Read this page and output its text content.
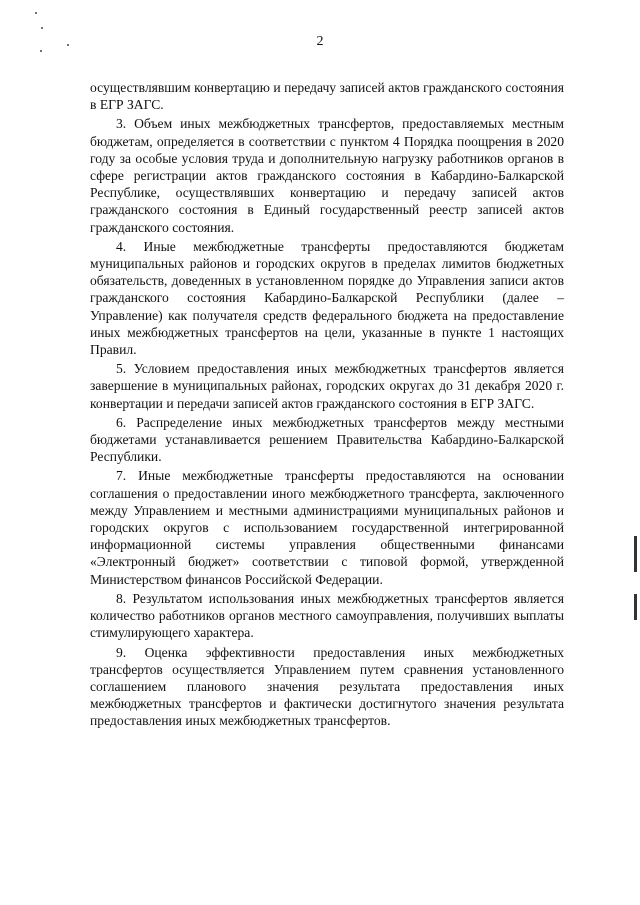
2

осуществлявшим конвертацию и передачу записей актов гражданского состояния в ЕГР ЗАГС.

3. Объем иных межбюджетных трансфертов, предоставляемых местным бюджетам, определяется в соответствии с пунктом 4 Порядка поощрения в 2020 году за особые условия труда и дополнительную нагрузку работников органов в сфере регистрации актов гражданского состояния в Кабардино-Балкарской Республике, осуществлявших конвертацию и передачу записей актов гражданского состояния в Единый государственный реестр записей актов гражданского состояния.

4. Иные межбюджетные трансферты предоставляются бюджетам муниципальных районов и городских округов в пределах лимитов бюджетных обязательств, доведенных в установленном порядке до Управления записи актов гражданского состояния Кабардино-Балкарской Республики (далее – Управление) как получателя средств федерального бюджета на предоставление иных межбюджетных трансфертов на цели, указанные в пункте 1 настоящих Правил.

5. Условием предоставления иных межбюджетных трансфертов является завершение в муниципальных районах, городских округах до 31 декабря 2020 г. конвертации и передачи записей актов гражданского состояния в ЕГР ЗАГС.

6. Распределение иных межбюджетных трансфертов между местными бюджетами устанавливается решением Правительства Кабардино-Балкарской Республики.

7. Иные межбюджетные трансферты предоставляются на основании соглашения о предоставлении иного межбюджетного трансферта, заключенного между Управлением и местными администрациями муниципальных районов и городских округов с использованием государственной интегрированной информационной системы управления общественными финансами «Электронный бюджет» соответствии с типовой формой, утвержденной Министерством финансов Российской Федерации.

8. Результатом использования иных межбюджетных трансфертов является количество работников органов местного самоуправления, получивших выплаты стимулирующего характера.

9. Оценка эффективности предоставления иных межбюджетных трансфертов осуществляется Управлением путем сравнения установленного соглашением планового значения результата предоставления иных межбюджетных трансфертов и фактически достигнутого значения результата предоставления иных межбюджетных трансфертов.
